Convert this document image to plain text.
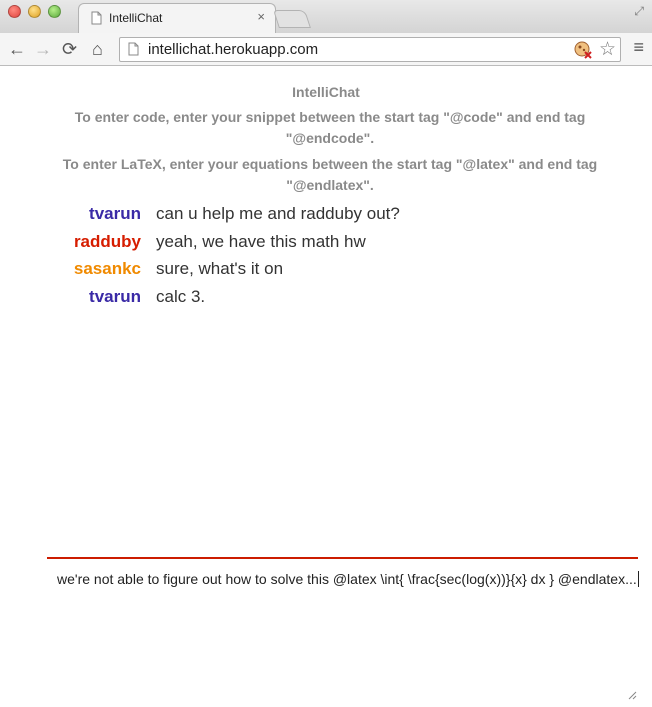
IntelliChat	×	⤢
← → ⟳ ⌂	intellichat.herokuapp.com	☆ ≡
IntelliChat
To enter code, enter your snippet between the start tag "@code" and end tag "@endcode".
To enter LaTeX, enter your equations between the start tag "@latex" and end tag "@endlatex".
tvarun can u help me and radduby out?
radduby yeah, we have this math hw
sasankc sure, what's it on
tvarun calc 3.
we're not able to figure out how to solve this @latex \int{ \frac{sec(log(x))}{x} dx } @endlatex...
